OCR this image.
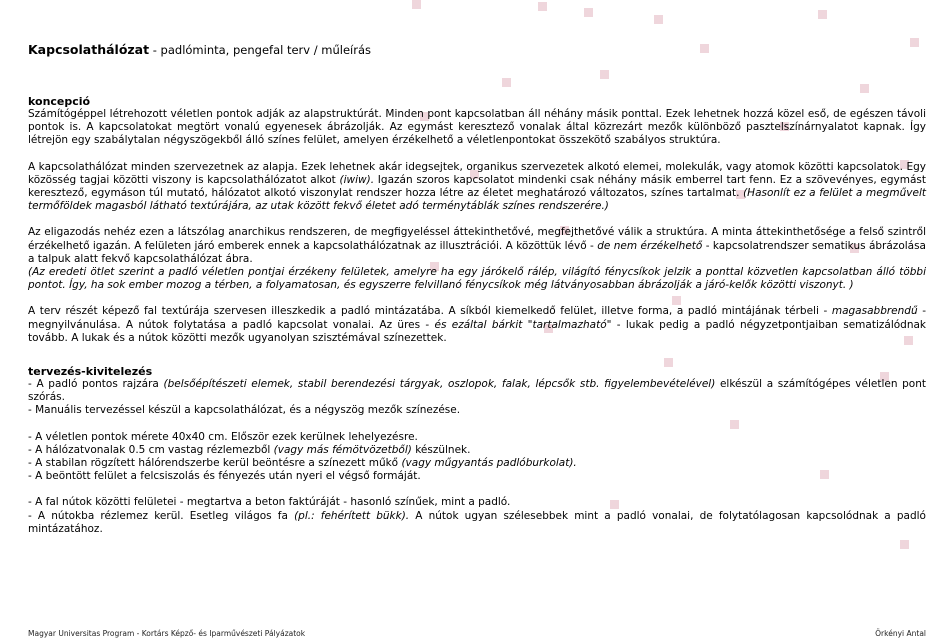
Kapcsolathálózat - padlóminta, pengefal terv / műleírás
koncepció

Számítógéppel létrehozott véletlen pontok adják az alapstruktúrát. Minden pont kapcsolatban áll néhány másik ponttal. Ezek lehetnek hozzá közel eső, de egészen távoli pontok is. A kapcsolatokat megtört vonalú egyenesek ábrázolják. Az egymást keresztező vonalak által közrezárt mezők különböző pasztelszínárnyalatot kapnak. Így létrejön egy szabálytalan négyszögekből álló színes felület, amelyen érzékelhető a véletlenpontokat összekötő szabályos struktúra.

A kapcsolathálózat minden szervezetnek az alapja. Ezek lehetnek akár idegsejtek, organikus szervezetek alkotó elemei, molekulák, vagy atomok közötti kapcsolatok. Egy közösség tagjai közötti viszony is kapcsolathálózatot alkot (iwiw). Igazán szoros kapcsolatot mindenki csak néhány másik emberrel tart fenn. Ez a szövevényes, egymást keresztező, egymáson túl mutató, hálózatot alkotó viszonylat rendszer hozza létre az életet meghatározó változatos, színes tartalmat. (Hasonlít ez a felület a megművelt termőföldek magasból látható textúrájára, az utak között fekvő életet adó terménytáblák színes rendszerére.)

Az eligazodás nehéz ezen a látszólag anarchikus rendszeren, de megfigyeléssel áttekinthetővé, megfejthetővé válik a struktúra. A minta áttekinthetősége a felső szintről érzékelhető igazán. A felületen járó emberek ennek a kapcsolathálózatnak az illusztrációi. A közöttük lévő - de nem érzékelhető - kapcsolatrendszer sematikus ábrázolása a talpuk alatt fekvő kapcsolathálózat ábra.

(Az eredeti ötlet szerint a padló véletlen pontjai érzékeny felületek, amelyre ha egy járókelő rálép, világító fénycsíkok jelzik a ponttal közvetlen kapcsolatban álló többi pontot. Így, ha sok ember mozog a térben, a folyamatosan, és egyszerre felvillanó fénycsíkok még látványosabban ábrázolják a járó-kelők közötti viszonyt. )

A terv részét képező fal textúrája szervesen illeszkedik a padló mintázatába. A síkból kiemelkedő felület, illetve forma, a padló mintájának térbeli - magasabbrendű - megnyilvánulása. A nútok folytatása a padló kapcsolat vonalai. Az üres - és ezáltal bárkit "tartalmazható" - lukak pedig a padló négyzetpontjaiban sematizálódnak tovább. A lukak és a nútok közötti mezők ugyanolyan szisztémával színezettek.

tervezés-kivitelezés

- A padló pontos rajzára (belsőépítészeti elemek, stabil berendezési tárgyak, oszlopok, falak, lépcsők stb. figyelembevételével) elkészül a számítógépes véletlen pont szórás.

- Manuális tervezéssel készül a kapcsolathálózat, és a négyszög mezők színezése.

- A véletlen pontok mérete 40x40 cm. Először ezek kerülnek lehelyezésre.

- A hálózatvonalak 0.5 cm vastag rézlemezből (vagy más fémötvözetből) készülnek.

- A stabilan rögzített hálórendszerbe kerül beöntésre a színezett műkő (vagy műgyantás padlóburkolat).

- A beöntött felület a felcsiszolás és fényezés után nyeri el végső formáját.

- A fal nútok közötti felületei - megtartva a beton faktúráját - hasonló színűek, mint a padló.

- A nútokba rézlemez kerül. Esetleg világos fa (pl.: fehérített bükk). A nútok ugyan szélesebbek mint a padló vonalai, de folytatólagosan kapcsolódnak a padló mintázatához.

Magyar Universitas Program - Kortárs Képző- és Iparművészeti Pályázatok	Örkényi Antal
